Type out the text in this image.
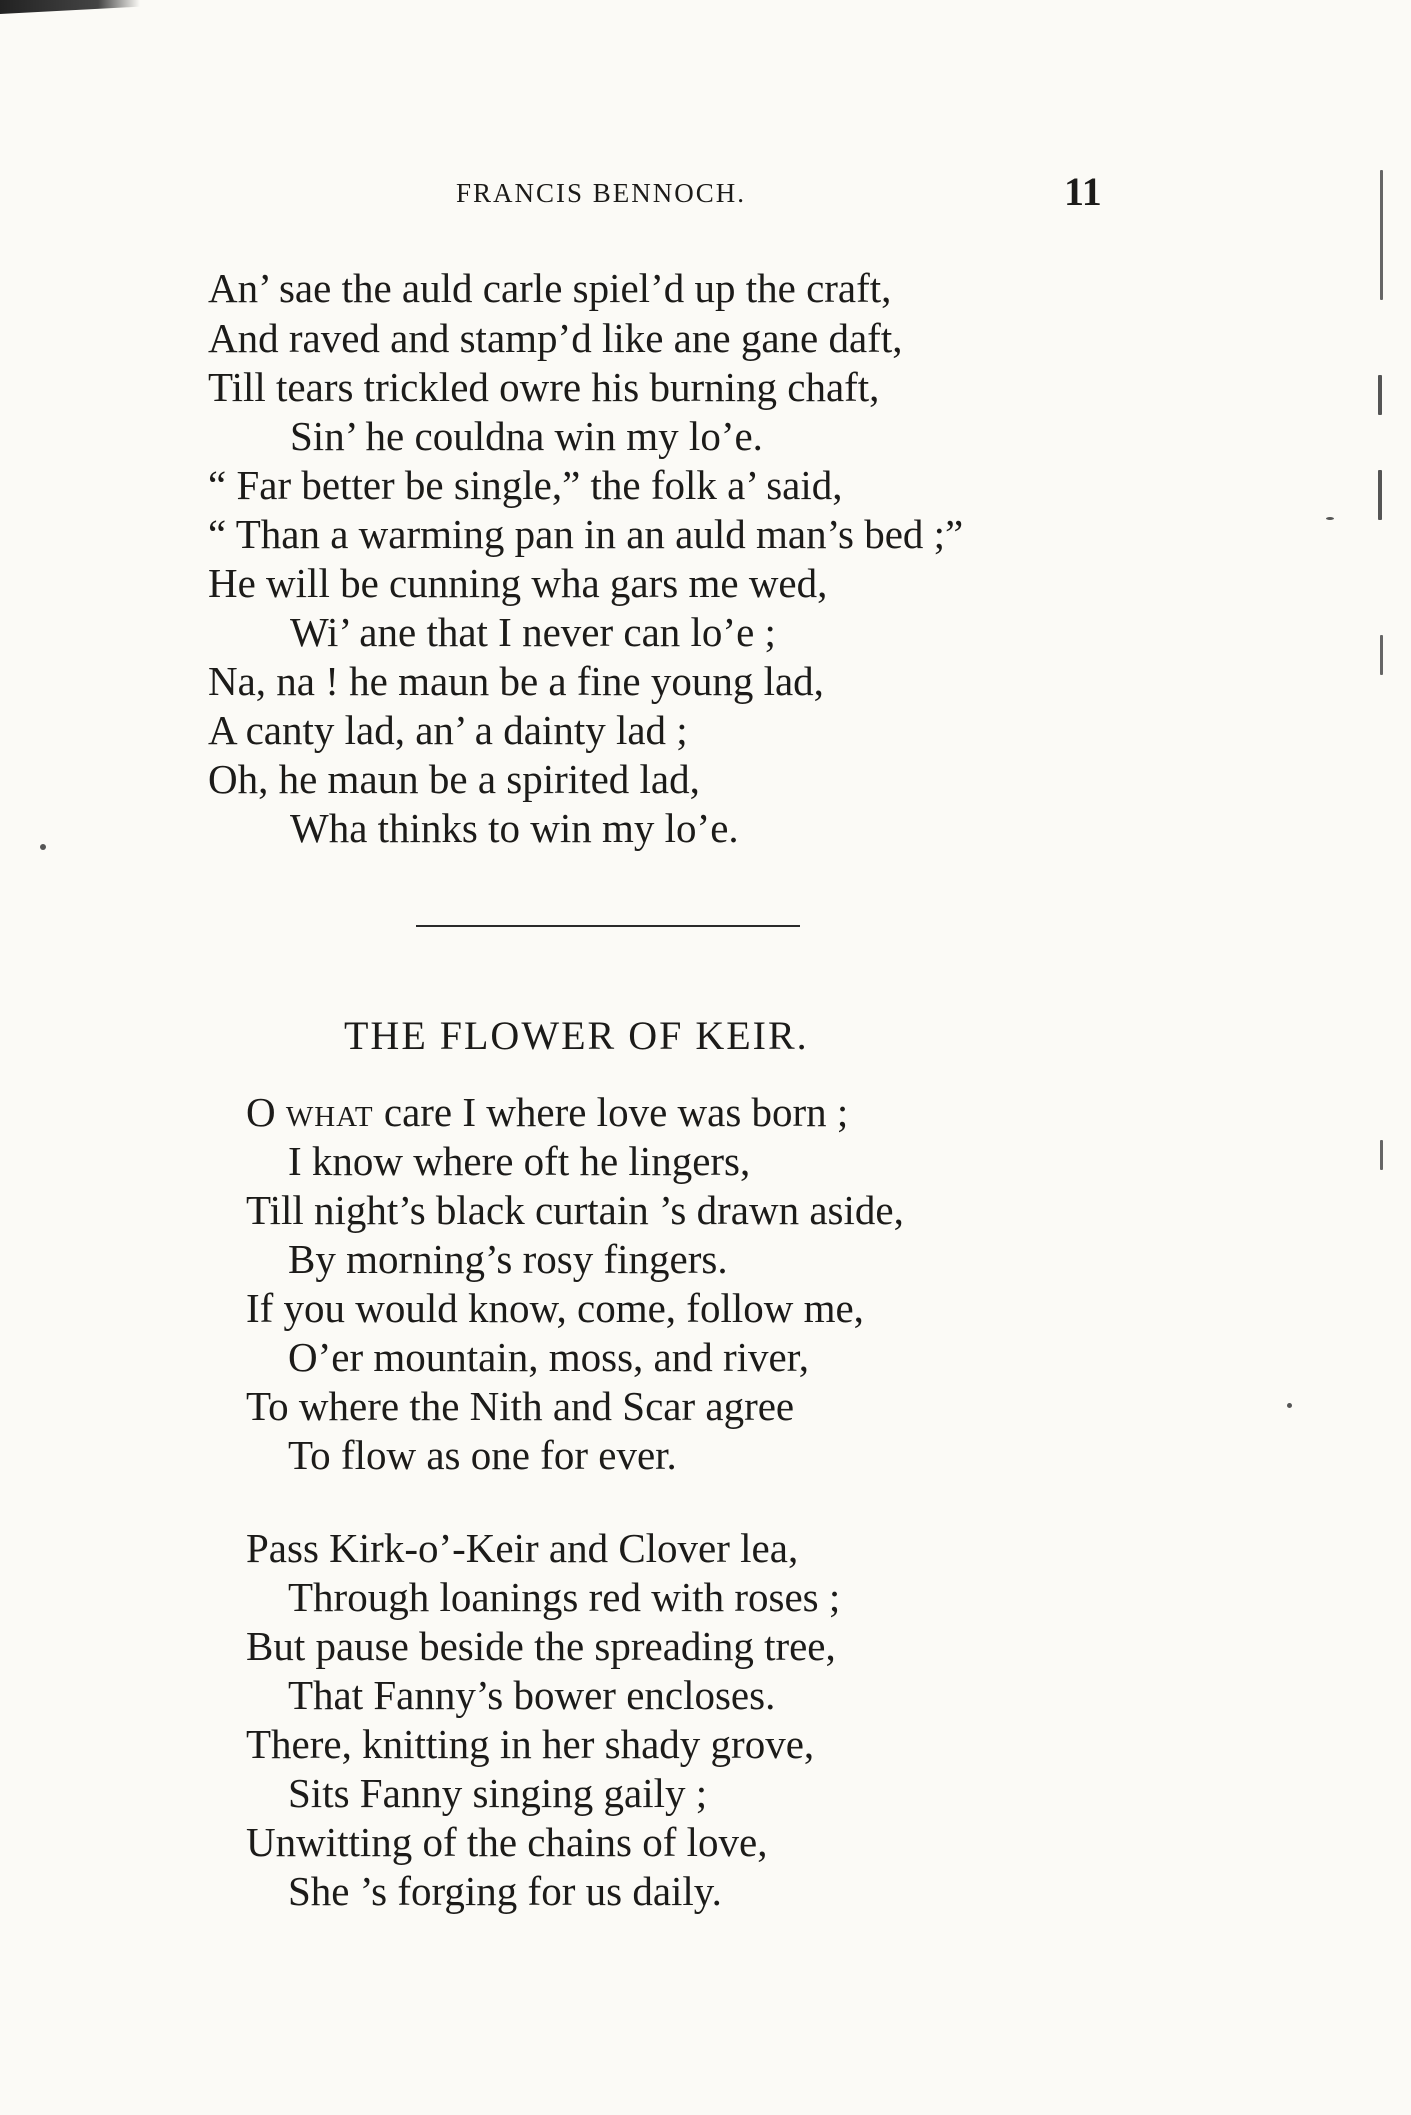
FRANCIS BENNOCH.	11
An’ sae the auld carle spiel’d up the craft,
And raved and stamp’d like ane gane daft,
Till tears trickled owre his burning chaft,
Sin’ he couldna win my lo’e.
“ Far better be single,” the folk a’ said,
“ Than a warming pan in an auld man’s bed ;”
He will be cunning wha gars me wed,
Wi’ ane that I never can lo’e ;
Na, na ! he maun be a fine young lad,
A canty lad, an’ a dainty lad ;
Oh, he maun be a spirited lad,
Wha thinks to win my lo’e.
THE FLOWER OF KEIR.
O what care I where love was born ;
I know where oft he lingers,
Till night’s black curtain ’s drawn aside,
By morning’s rosy fingers.
If you would know, come, follow me,
O’er mountain, moss, and river,
To where the Nith and Scar agree
To flow as one for ever.
Pass Kirk-o’-Keir and Clover lea,
Through loanings red with roses ;
But pause beside the spreading tree,
That Fanny’s bower encloses.
There, knitting in her shady grove,
Sits Fanny singing gaily ;
Unwitting of the chains of love,
She ’s forging for us daily.
